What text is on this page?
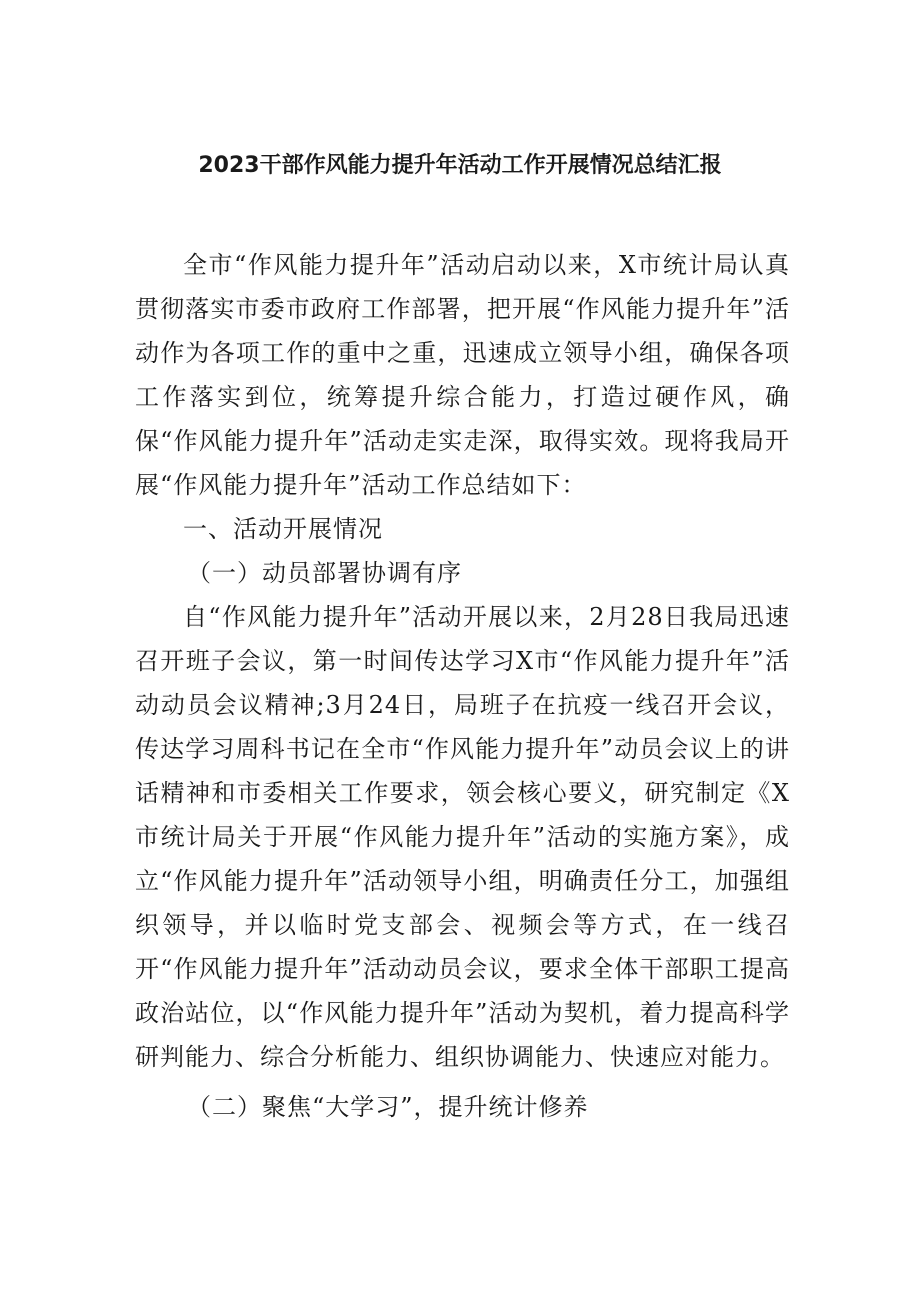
2023干部作风能力提升年活动工作开展情况总结汇报

全市“作风能力提升年”活动启动以来，X市统计局认真贯彻落实市委市政府工作部署，把开展“作风能力提升年”活动作为各项工作的重中之重，迅速成立领导小组，确保各项工作落实到位，统筹提升综合能力，打造过硬作风，确保“作风能力提升年”活动走实走深，取得实效。现将我局开展“作风能力提升年”活动工作总结如下：

一、活动开展情况

（一）动员部署协调有序

自“作风能力提升年”活动开展以来，2月28日我局迅速召开班子会议，第一时间传达学习X市“作风能力提升年”活动动员会议精神;3月24日，局班子在抗疫一线召开会议，传达学习周科书记在全市“作风能力提升年”动员会议上的讲话精神和市委相关工作要求，领会核心要义，研究制定《X市统计局关于开展“作风能力提升年”活动的实施方案》，成立“作风能力提升年”活动领导小组，明确责任分工，加强组织领导，并以临时党支部会、视频会等方式，在一线召开“作风能力提升年”活动动员会议，要求全体干部职工提高政治站位，以“作风能力提升年”活动为契机，着力提高科学研判能力、综合分析能力、组织协调能力、快速应对能力。

（二）聚焦“大学习”，提升统计修养
